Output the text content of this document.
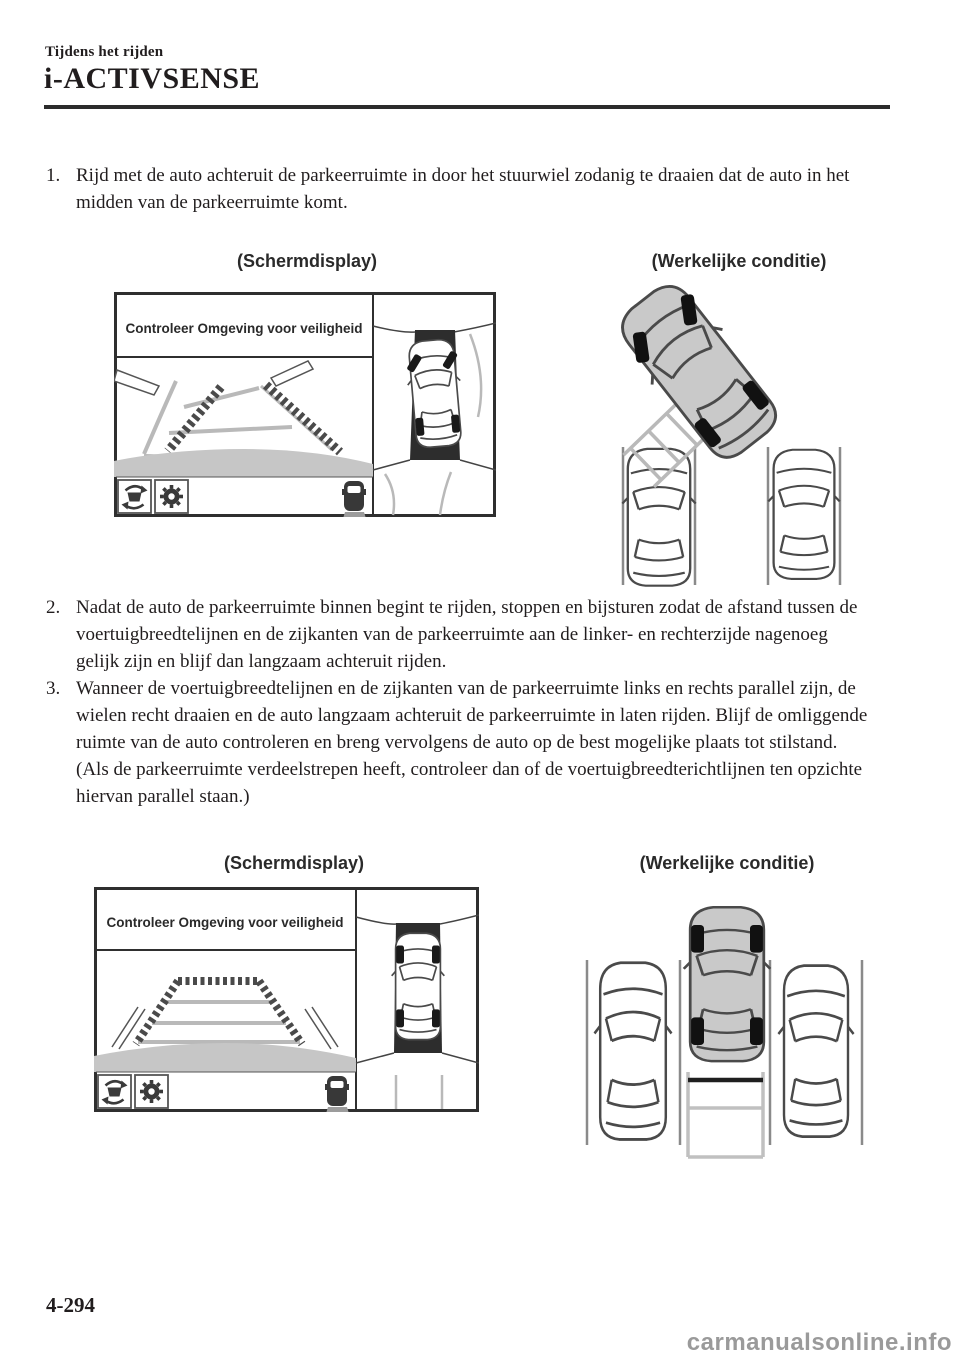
Tijdens het rijden
i-ACTIVSENSE
1. Rijd met de auto achteruit de parkeerruimte in door het stuurwiel zodanig te draaien dat de auto in het midden van de parkeerruimte komt.
(Schermdisplay)	(Werkelijke conditie)
Controleer Omgeving voor veiligheid
2. Nadat de auto de parkeerruimte binnen begint te rijden, stoppen en bijsturen zodat de afstand tussen de voertuigbreedtelijnen en de zijkanten van de parkeerruimte aan de linker- en rechterzijde nagenoeg gelijk zijn en blijf dan langzaam achteruit rijden.
3. Wanneer de voertuigbreedtelijnen en de zijkanten van de parkeerruimte links en rechts parallel zijn, de wielen recht draaien en de auto langzaam achteruit de parkeerruimte in laten rijden. Blijf de omliggende ruimte van de auto controleren en breng vervolgens de auto op de best mogelijke plaats tot stilstand. (Als de parkeerruimte verdeelstrepen heeft, controleer dan of de voertuigbreedterichtlijnen ten opzichte hiervan parallel staan.)
(Schermdisplay)	(Werkelijke conditie)
Controleer Omgeving voor veiligheid
4-294
carmanualsonline.info
